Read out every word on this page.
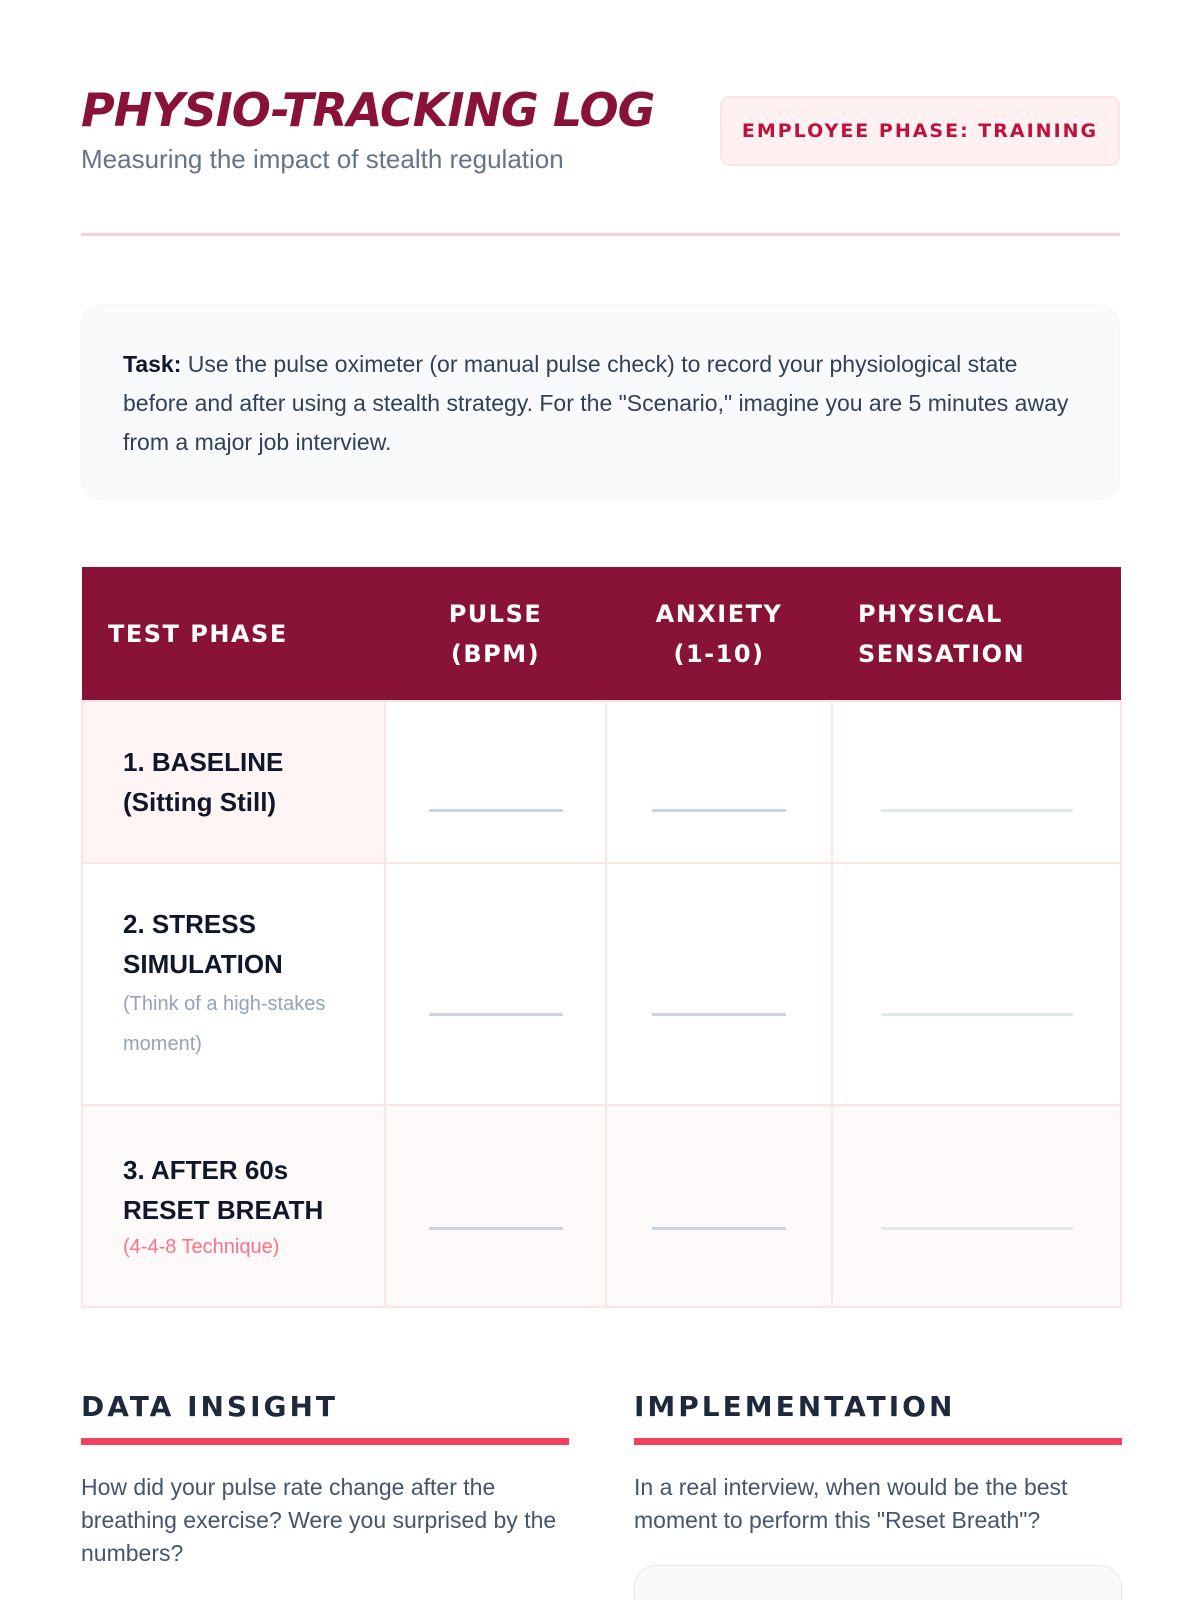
PHYSIO-TRACKING LOG
Measuring the impact of stealth regulation
EMPLOYEE PHASE: TRAINING

Task: Use the pulse oximeter (or manual pulse check) to record your physiological state before and after using a stealth strategy. For the "Scenario," imagine you are 5 minutes away from a major job interview.

TEST PHASE	PULSE (BPM)	ANXIETY (1-10)	PHYSICAL SENSATION

1. BASELINE (Sitting Still)			

2. STRESS SIMULATION
(Think of a high-stakes moment)			

3. AFTER 60s RESET BREATH
(4-4-8 Technique)			

DATA INSIGHT

How did your pulse rate change after the breathing exercise? Were you surprised by the numbers?

IMPLEMENTATION

In a real interview, when would be the best moment to perform this "Reset Breath"?
